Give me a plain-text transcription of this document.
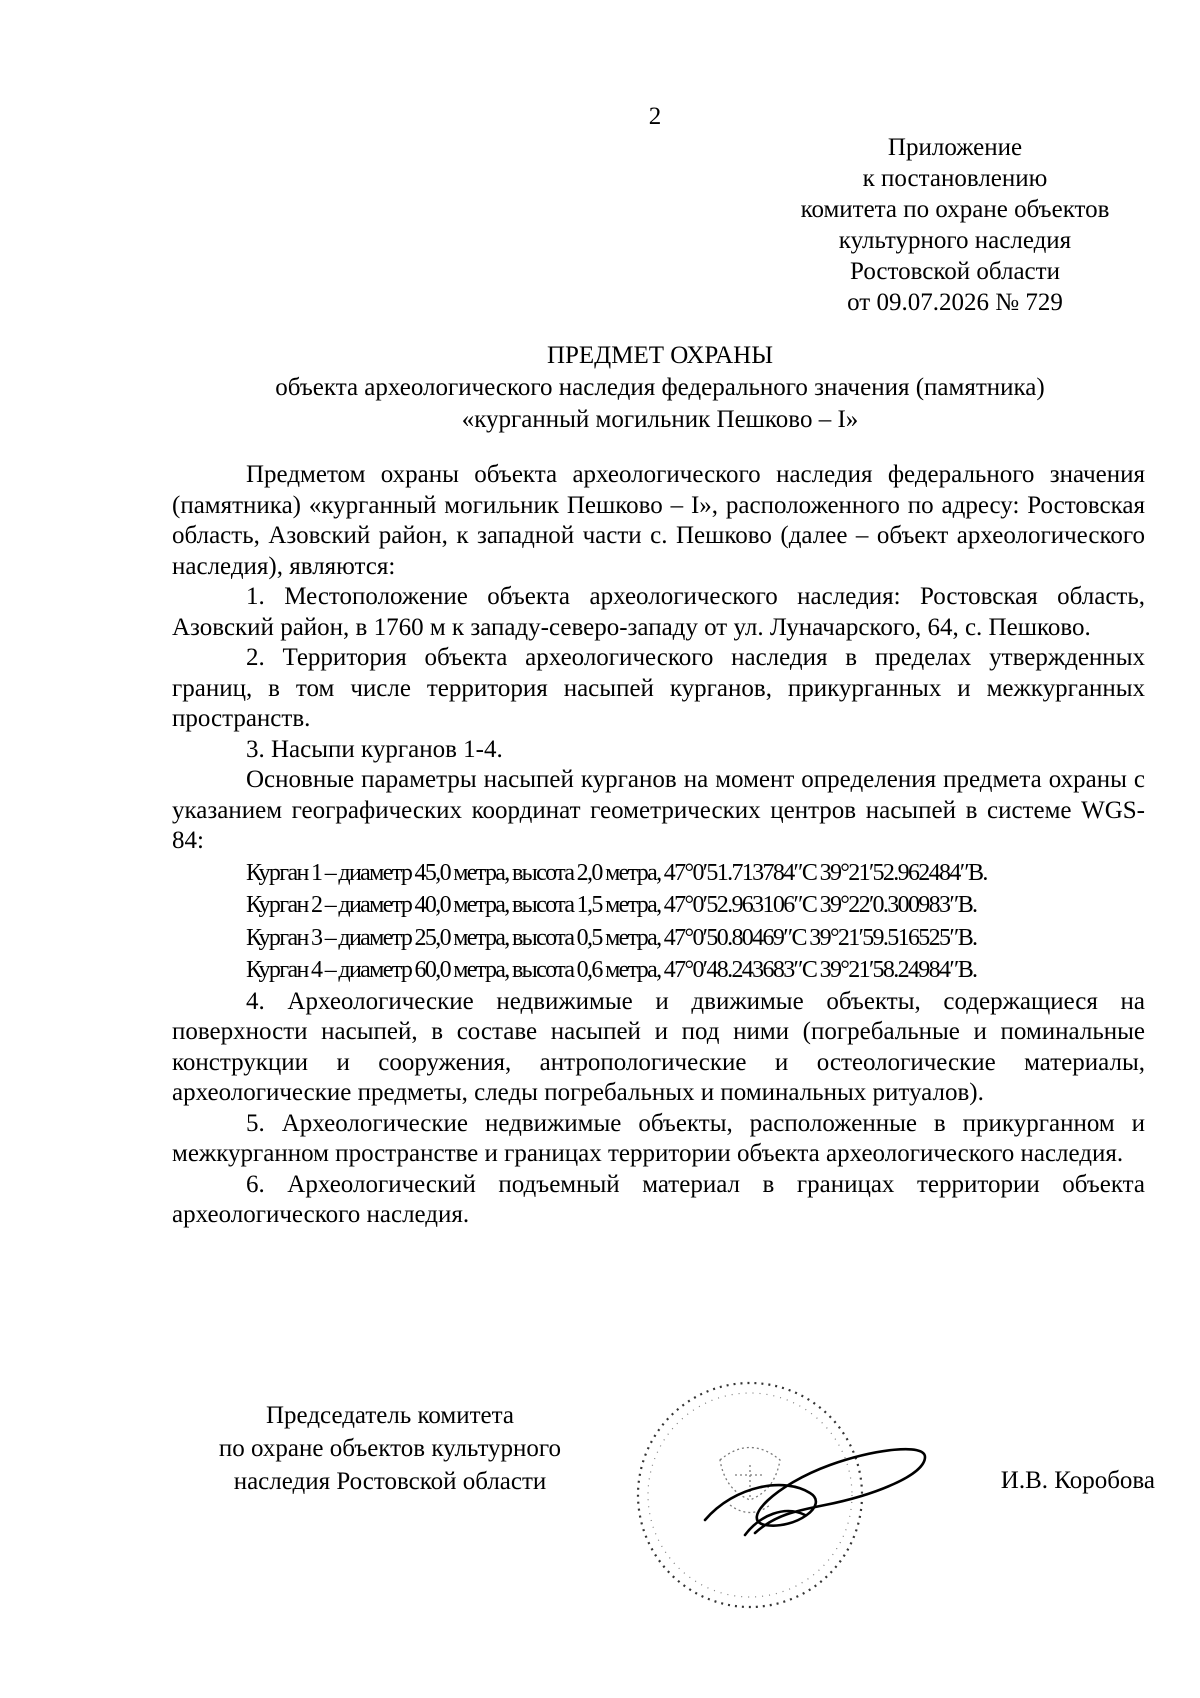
2
Приложение
к постановлению
комитета по охране объектов
культурного наследия
Ростовской области
от 09.07.2026 № 729
ПРЕДМЕТ ОХРАНЫ
объекта археологического наследия федерального значения (памятника)
«курганный могильник Пешково – I»

Предметом охраны объекта археологического наследия федерального значения (памятника) «курганный могильник Пешково – I», расположенного по адресу: Ростовская область, Азовский район, к западной части с. Пешково (далее – объект археологического наследия), являются:

1. Местоположение объекта археологического наследия: Ростовская область, Азовский район, в 1760 м к западу-северо-западу от ул. Луначарского, 64, с. Пешково.

2. Территория объекта археологического наследия в пределах утвержденных границ, в том числе территория насыпей курганов, прикурганных и межкурганных пространств.

3. Насыпи курганов 1-4.

Основные параметры насыпей курганов на момент определения предмета охраны с указанием географических координат геометрических центров насыпей в системе WGS-84:

Курган 1 – диаметр 45,0 метра, высота 2,0 метра, 47°0′51.713784″С 39°21′52.962484″В.
Курган 2 – диаметр 40,0 метра, высота 1,5 метра, 47°0′52.963106″С 39°22′0.300983″В.
Курган 3 – диаметр 25,0 метра, высота 0,5 метра, 47°0′50.80469″С 39°21′59.516525″В.
Курган 4 – диаметр 60,0 метра, высота 0,6 метра, 47°0′48.243683″С 39°21′58.24984″В.

4. Археологические недвижимые и движимые объекты, содержащиеся на поверхности насыпей, в составе насыпей и под ними (погребальные и поминальные конструкции и сооружения, антропологические и остеологические материалы, археологические предметы, следы погребальных и поминальных ритуалов).

5. Археологические недвижимые объекты, расположенные в прикурганном и межкурганном пространстве и границах территории объекта археологического наследия.

6. Археологический подъемный материал в границах территории объекта археологического наследия.

Председатель комитета
по охране объектов культурного
наследия Ростовской области	И.В. Коробова
